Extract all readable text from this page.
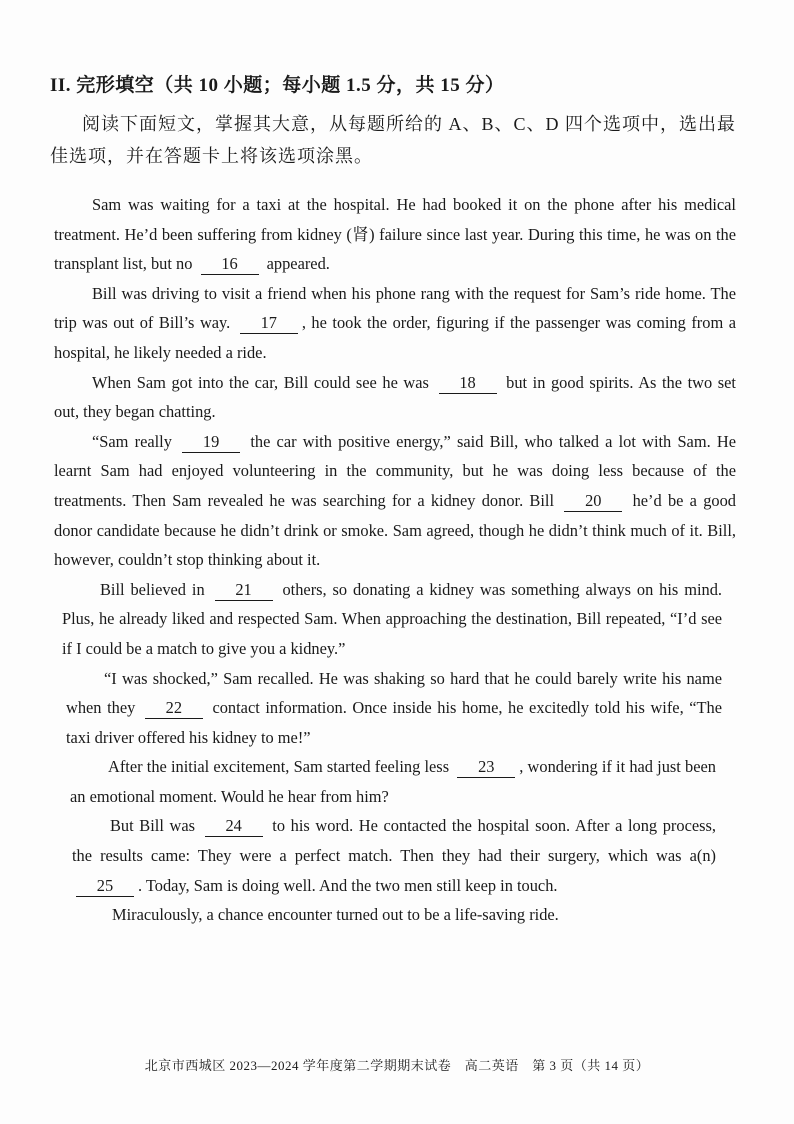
II. 完形填空（共 10 小题；每小题 1.5 分，共 15 分）
阅读下面短文，掌握其大意，从每题所给的 A、B、C、D 四个选项中，选出最佳选项，并在答题卡上将该选项涂黑。

Sam was waiting for a taxi at the hospital. He had booked it on the phone after his medical treatment. He’d been suffering from kidney (肾) failure since last year. During this time, he was on the transplant list, but no 16 appeared.

Bill was driving to visit a friend when his phone rang with the request for Sam’s ride home. The trip was out of Bill’s way. 17 , he took the order, figuring if the passenger was coming from a hospital, he likely needed a ride.

When Sam got into the car, Bill could see he was 18 but in good spirits. As the two set out, they began chatting.

“Sam really 19 the car with positive energy,” said Bill, who talked a lot with Sam. He learnt Sam had enjoyed volunteering in the community, but he was doing less because of the treatments. Then Sam revealed he was searching for a kidney donor. Bill 20 he’d be a good donor candidate because he didn’t drink or smoke. Sam agreed, though he didn’t think much of it. Bill, however, couldn’t stop thinking about it.

Bill believed in 21 others, so donating a kidney was something always on his mind. Plus, he already liked and respected Sam. When approaching the destination, Bill repeated, “I’d see if I could be a match to give you a kidney.”

“I was shocked,” Sam recalled. He was shaking so hard that he could barely write his name when they 22 contact information. Once inside his home, he excitedly told his wife, “The taxi driver offered his kidney to me!”

After the initial excitement, Sam started feeling less 23 , wondering if it had just been an emotional moment. Would he hear from him?

But Bill was 24 to his word. He contacted the hospital soon. After a long process, the results came: They were a perfect match. Then they had their surgery, which was a(n) 25 . Today, Sam is doing well. And the two men still keep in touch.

Miraculously, a chance encounter turned out to be a life-saving ride.

北京市西城区 2023—2024 学年度第二学期期末试卷　高二英语　第 3 页（共 14 页）
